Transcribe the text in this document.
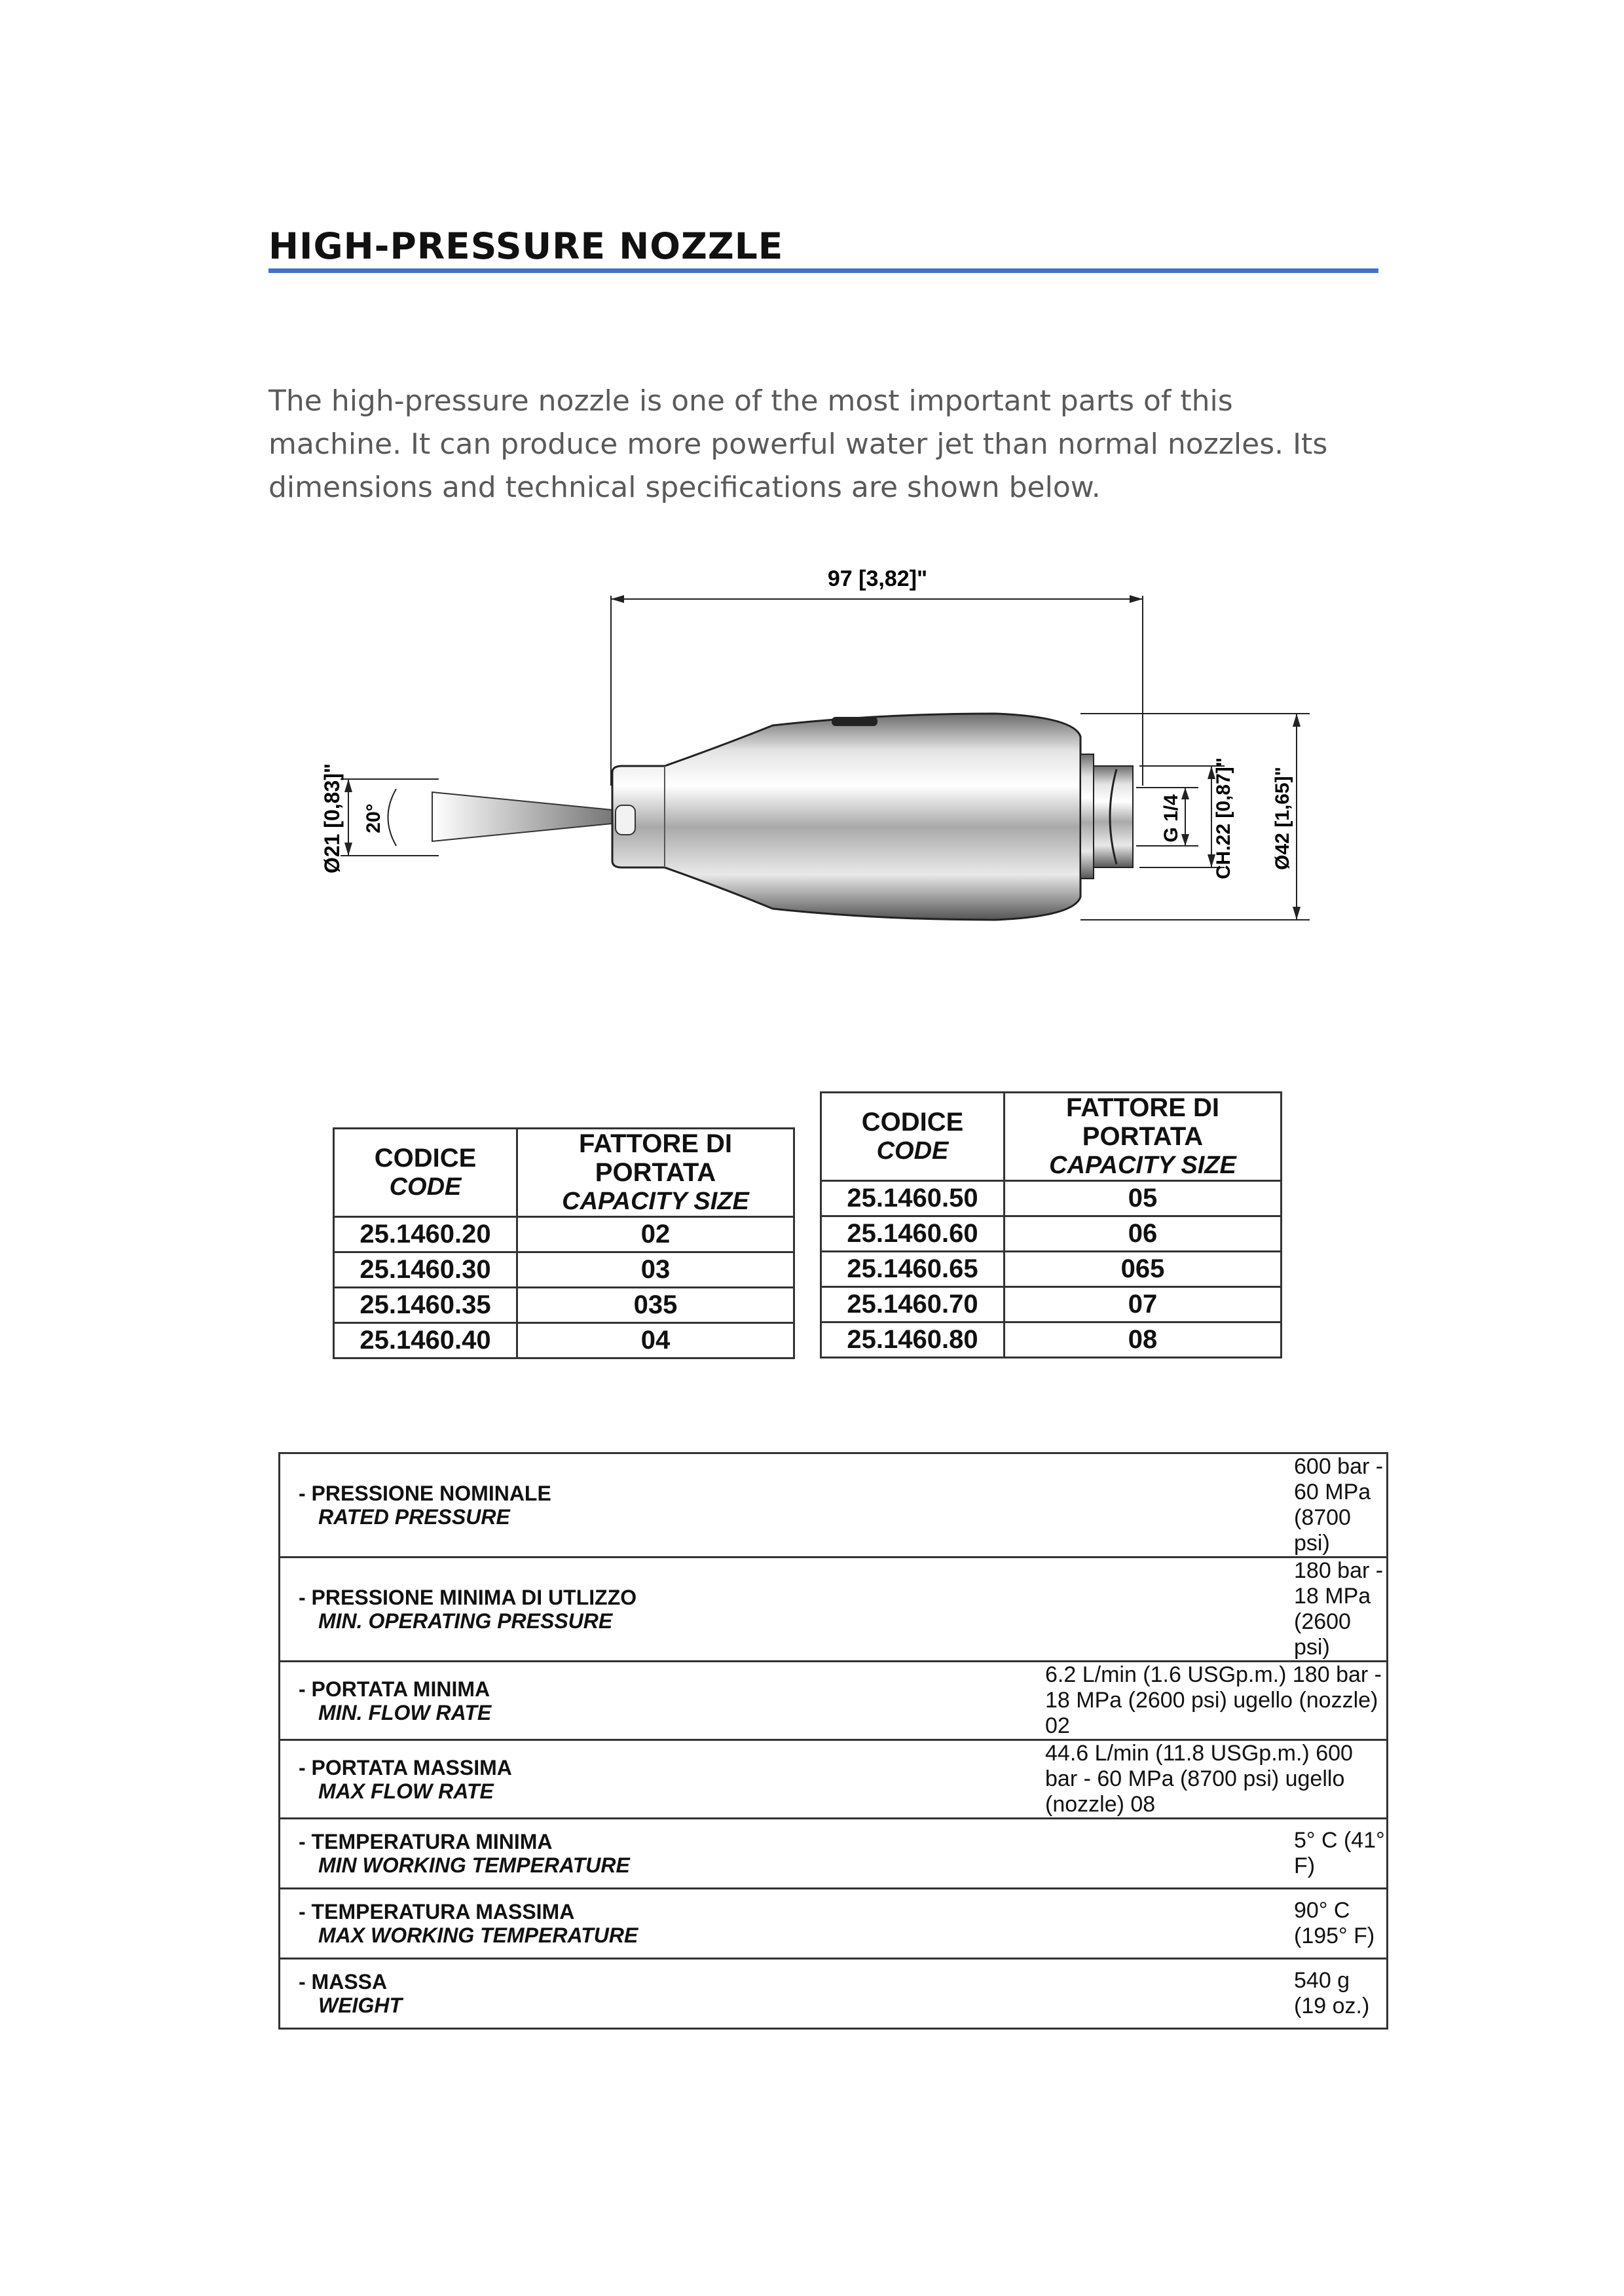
HIGH-PRESSURE NOZZLE

The high-pressure nozzle is one of the most important parts of this machine. It can produce more powerful water jet than normal nozzles. Its dimensions and technical specifications are shown below.

97 [3,82]"
Ø21 [0,83]" 20°	G 1/4 CH.22 [0,87]" Ø42 [1,65]"
CODICE
CODE	FATTORE DI PORTATA
CAPACITY SIZE

25.1460.20	02
25.1460.30	03
25.1460.35	035
25.1460.40	04
CODICE
CODE	FATTORE DI PORTATA
CAPACITY SIZE

25.1460.50	05
25.1460.60	06
25.1460.65	065
25.1460.70	07
25.1460.80	08
- PRESSIONE NOMINALE
RATED PRESSURE	600 bar - 60 MPa (8700 psi)

- PRESSIONE MINIMA DI UTLIZZO
MIN. OPERATING PRESSURE	180 bar - 18 MPa (2600 psi)

- PORTATA MINIMA
MIN. FLOW RATE	6.2 L/min (1.6 USGp.m.) 180 bar - 18 MPa (2600 psi) ugello (nozzle) 02

- PORTATA MASSIMA
MAX FLOW RATE	44.6 L/min (11.8 USGp.m.) 600 bar - 60 MPa (8700 psi) ugello (nozzle) 08

- TEMPERATURA MINIMA
MIN WORKING TEMPERATURE	5° C (41° F)

- TEMPERATURA MASSIMA
MAX WORKING TEMPERATURE	90° C (195° F)

- MASSA
WEIGHT	540 g (19 oz.)
